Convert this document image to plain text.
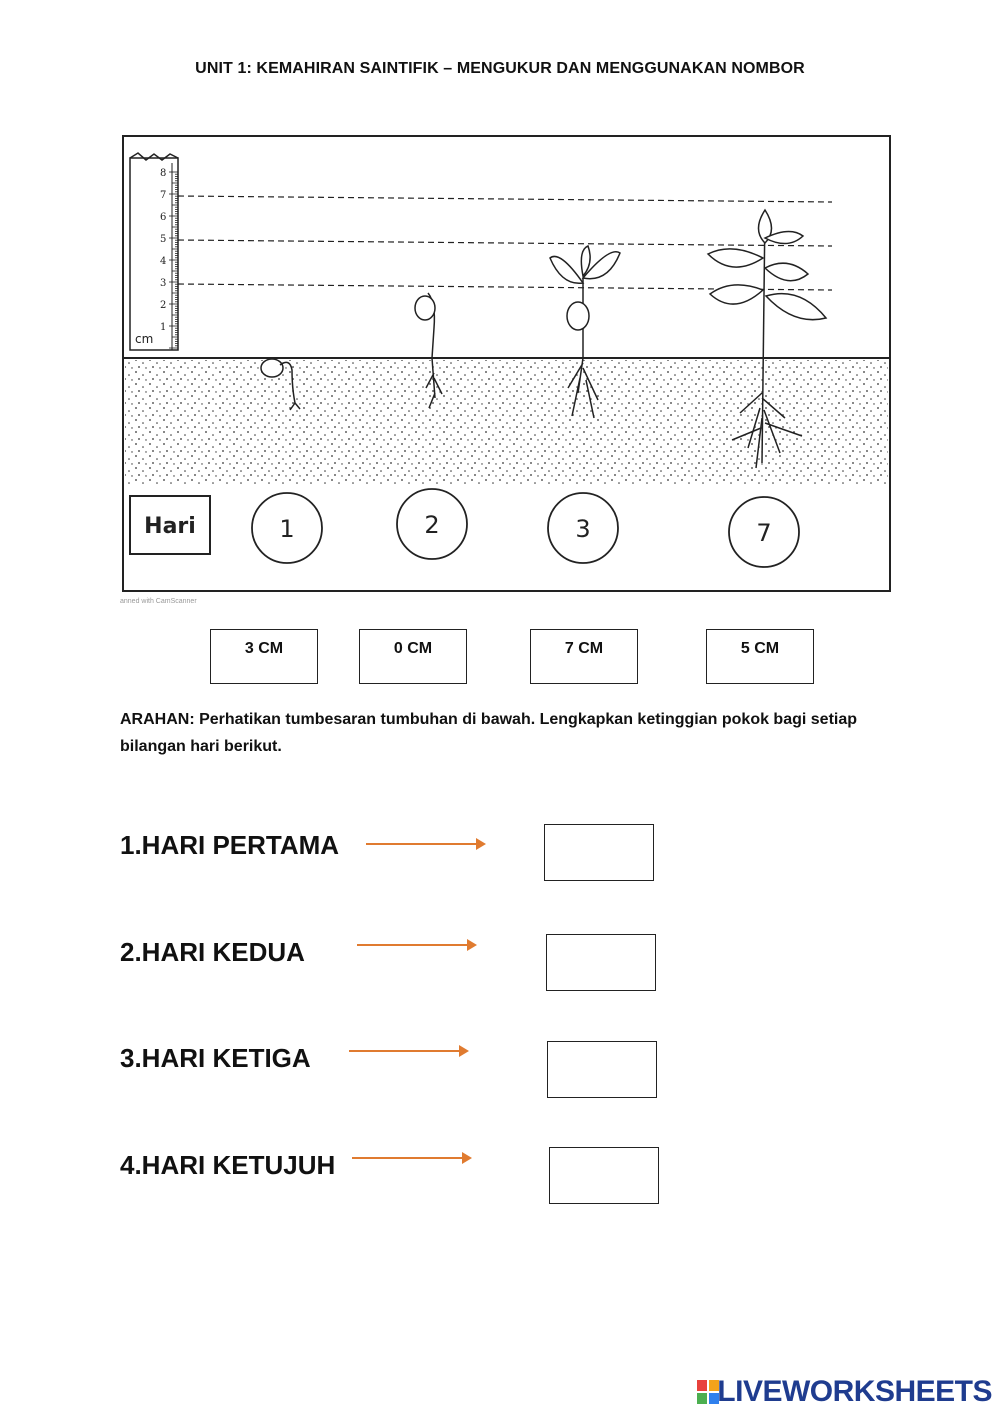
UNIT 1: KEMAHIRAN SAINTIFIK – MENGUKUR DAN MENGGUNAKAN NOMBOR
1
2
3
4
5
6
7
8
cm
Hari	1	2	3	7
anned with CamScanner
3 CM	0 CM	7 CM	5 CM
ARAHAN: Perhatikan tumbesaran tumbuhan di bawah. Lengkapkan ketinggian pokok bagi setiap bilangan hari berikut.
1.HARI PERTAMA
2.HARI KEDUA
3.HARI KETIGA
4.HARI KETUJUH
LIVEWORKSHEETS
